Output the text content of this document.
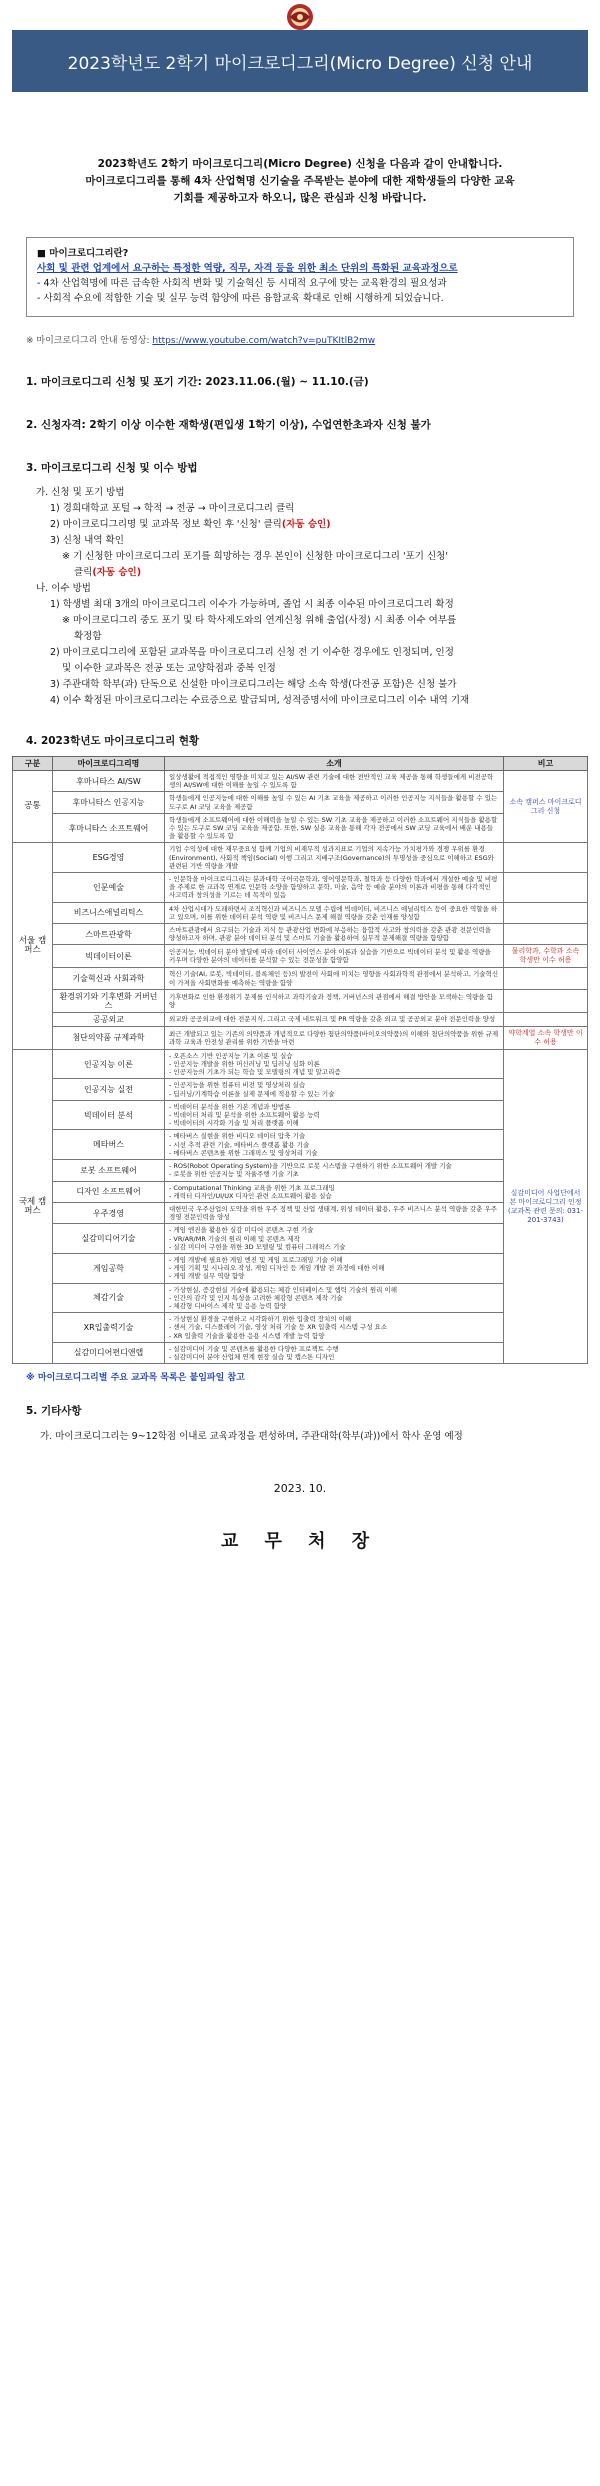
2023학년도 2학기 마이크로디그리(Micro Degree) 신청 안내

2023학년도 2학기 마이크로디그리(Micro Degree) 신청을 다음과 같이 안내합니다.

마이크로디그리를 통해 4차 산업혁명 신기술을 주목받는 분야에 대한 재학생들의 다양한 교육

기회를 제공하고자 하오니, 많은 관심과 신청 바랍니다.

■ 마이크로디그리란?
사회 및 관련 업계에서 요구하는 특정한 역량, 직무, 자격 등을 위한 최소 단위의 특화된 교육과정으로
- 4차 산업혁명에 따른 급속한 사회적 변화 및 기술혁신 등 시대적 요구에 맞는 교육환경의 필요성과
- 사회적 수요에 적합한 기술 및 실무 능력 함양에 따른 융합교육 확대로 인해 시행하게 되었습니다.
※ 마이크로디그리 안내 동영상: https://www.youtube.com/watch?v=puTKItlB2mw
1. 마이크로디그리 신청 및 포기 기간: 2023.11.06.(월) ~ 11.10.(금)
2. 신청자격: 2학기 이상 이수한 재학생(편입생 1학기 이상), 수업연한초과자 신청 불가
3. 마이크로디그리 신청 및 이수 방법
가. 신청 및 포기 방법
1) 경희대학교 포털 → 학적 → 전공 → 마이크로디그리 클릭
2) 마이크로디그리명 및 교과목 정보 확인 후 '신청' 클릭(자동 승인)
3) 신청 내역 확인
※ 기 신청한 마이크로디그리 포기를 희망하는 경우 본인이 신청한 마이크로디그리 '포기 신청'
클릭(자동 승인)
나. 이수 방법
1) 학생별 최대 3개의 마이크로디그리 이수가 가능하며, 졸업 시 최종 이수된 마이크로디그리 확정
※ 마이크로디그리 중도 포기 및 타 학사제도와의 연계신청 위해 출업(사정) 시 최종 이수 여부를
확정함
2) 마이크로디그리에 포함된 교과목을 마이크로디그리 신청 전 기 이수한 경우에도 인정되며, 인정
및 이수한 교과목은 전공 또는 교양학점과 중복 인정
3) 주관대학 학부(과) 단독으로 신설한 마이크로디그리는 해당 소속 학생(다전공 포함)은 신청 불가
4) 이수 확정된 마이크로디그리는 수료증으로 발급되며, 성적증명서에 마이크로디그리 이수 내역 기재
4. 2023학년도 마이크로디그리 현황
구분	마이크로디그리명	소개	비고
공통	후마니타스 AI/SW	일상생활에 적접적인 영향을 미치고 있는 AI/SW 관련 기술에 대한 전반적인 교육 제공을 통해 학생들에게 비전공학생의 AI/SW에 대한 이해를 높일 수 있도록 함	소속 캠퍼스 마이크로디그리 신청
	후마니타스 인공지능	학생들에게 인공지능에 대한 이해를 높일 수 있는 AI 기초 교육을 제공하고 이러한 인공지능 지식들을 활용할 수 있는 도구로 AI 코딩 교육을 제공함	
	후마니타스 소프트웨어	학생들에게 소프트웨어에 대한 이해력을 높일 수 있는 SW 기초 교육을 제공하고 이러한 소프트웨어 지식들을 활용할 수 있는 도구로 SW 코딩 교육을 제공함. 또한, SW 실용 교육을 통해 각자 전공에서 SW 코딩 교육에서 배운 내용들을 활용할 수 있도록 함	
서울 캠퍼스	ESG경영	기업 수익성에 대한 재무중요성 함께 기업의 비재무적 성과지표로 기업의 지속가능 가치평가와 경쟁 우위를 환경(Environment), 사회적 책임(Social) 이행 그리고 지배구조(Governance)의 투명성을 중심으로 이해하고 ESG와 관련된 기반 역량을 개발	
	인문예술	- 인문학을 마이크로디그리는 분과대학 국어국문학과, 영어영문학과, 철학과 등 다양한 학과에서 개설한 예술 및 비평을 주제로 한 교과목 연계로 인문학 소양을 함양하고 문학, 미술, 음악 등 예술 분야의 이론과 비평을 통해 다각적인 사고력과 창의성을 기르는 데 목적이 있음	
	비즈니스애널리틱스	4차 산업시대가 도래하면서 조직혁신과 비즈니스 모델 수립에 빅데이터, 비즈니스 애널리틱스 등이 중요한 역할을 하고 있으며, 이를 위한 데이터 분석 역량 및 비즈니스 문제 해결 역량을 갖춘 인재를 양성함	
	스마트관광학	스마트관광에서 요구되는 기술과 지식 등 관광산업 변화에 부응하는 융합적 사고와 창의력을 갖춘 관광 전문인력을 양성하고자 하며, 관광 분야 데이터 분석 및 스마트 기술을 활용하여 실무적 문제해결 역량을 함양함	
	빅데이터이론	인공지능, 빅데이터 분야 발달에 따라 데이터 사이언스 분야 이론과 실습을 기반으로 빅데이터 분석 및 활용 역량을 키우며 다양한 분야의 데이터를 분석할 수 있는 전문성을 함양함	물리학과, 수학과 소속 학생만 이수 허용
	기술혁신과 사회과학	혁신 기술(AI, 로봇, 빅데이터, 블록체인 등)의 발전이 사회에 미치는 영향을 사회과학적 관점에서 분석하고, 기술혁신이 가져올 사회변화를 예측하는 역량을 함양	
	환경위기와 기후변화 거버넌스	기후변화로 인한 환경위기 문제를 인식하고 과학기술과 정책, 거버넌스의 관점에서 해결 방안을 모색하는 역량을 함양	
	공공외교	외교와 공공외교에 대한 전문지식, 그리고 국제 네트워크 및 PR 역량을 갖춘 외교 및 공공외교 분야 전문인력을 양성	
	첨단의약품 규제과학	최근 개발되고 있는 기존의 의약품과 개념적으로 다양한 첨단의약품(바이오의약품)의 이해와 첨단의약품을 위한 규제과학 교육과 안전성 관리를 위한 기반을 마련	약학계열 소속 학생만 이수 허용
국제 캠퍼스	인공지능 이론	- 오픈소스 기반 인공지능 기초 이론 및 실습
- 인공지능 개발을 위한 머신러닝 및 딥러닝 심화 이론
- 인공지능의 기초가 되는 학습 및 모델링의 개념 및 알고리즘	실감미디어 사업단에서 본 마이크로디그리 인정(교과목 관련 문의: 031-201-3743)
	인공지능 실전	- 인공지능을 위한 컴퓨터 비전 및 영상처리 실습
- 딥러닝/기계학습 이론을 실제 문제에 적용할 수 있는 기술	
	빅데이터 분석	- 빅데이터 분석을 위한 기본 개념과 방법론
- 빅데이터 처리 및 분석을 위한 소프트웨어 활용 능력
- 빅데이터의 시각화 기술 및 처리 플랫폼 이해	
	메타버스	- 메타버스 실현을 위한 비디오 데이터 압축 기술
- 시선 추적 관련 기술, 메타버스 플랫폼 활용 기술
- 메타버스 콘텐츠를 위한 그래픽스 및 영상처리 기술	
	로봇 소프트웨어	- ROS(Robot Operating System)을 기반으로 로봇 시스템을 구현하기 위한 소프트웨어 개발 기술
- 로봇을 위한 인공지능 및 자율주행 기술 기초	
	디자인 소프트웨어	- Computational Thinking 교육을 위한 기초 프로그래밍
- 캐릭터 디자인/UI/UX 디자인 관련 소프트웨어 활용 실습	
	우주경영	대한민국 우주산업의 도약을 위한 우주 정책 및 산업 생태계, 위성 데이터 활용, 우주 비즈니스 분석 역량을 갖춘 우주경영 전문인력을 양성	
	실감미디어기술	- 게임 엔진을 활용한 실감 미디어 콘텐츠 구현 기술
- VR/AR/MR 기술의 원리 이해 및 콘텐츠 제작
- 실감 미디어 구현을 위한 3D 모델링 및 컴퓨터 그래픽스 기술	
	게임공학	- 게임 개발에 필요한 게임 엔진 및 게임 프로그래밍 기술 이해
- 게임 기획 및 시나리오 작성, 게임 디자인 등 게임 개발 전 과정에 대한 이해
- 게임 개발 실무 역량 함양	
	체감기술	- 가상현실, 증강현실 기술에 활용되는 체감 인터페이스 및 햅틱 기술의 원리 이해
- 인간의 감각 및 인지 특성을 고려한 체감형 콘텐츠 제작 기술
- 체감형 디바이스 제작 및 응용 능력 함양	
	XR입출력기술	- 가상현실 환경을 구현하고 시각화하기 위한 입출력 장치의 이해
- 센서 기술, 디스플레이 기술, 영상 처리 기술 등 XR 입출력 시스템 구성 요소
- XR 입출력 기술을 활용한 응용 시스템 개발 능력 함양	
	실감미디어편디앤랩	- 실감미디어 기술 및 콘텐츠를 활용한 다양한 프로젝트 수행
- 실감미디어 분야 산업체 연계 현장 실습 및 캡스톤 디자인	
※ 마이크로디그리별 주요 교과목 목록은 붙임파일 참고
5. 기타사항
가. 마이크로디그리는 9~12학점 이내로 교육과정을 편성하며, 주관대학(학부(과))에서 학사 운영 예정
2023. 10.
교 무 처 장
